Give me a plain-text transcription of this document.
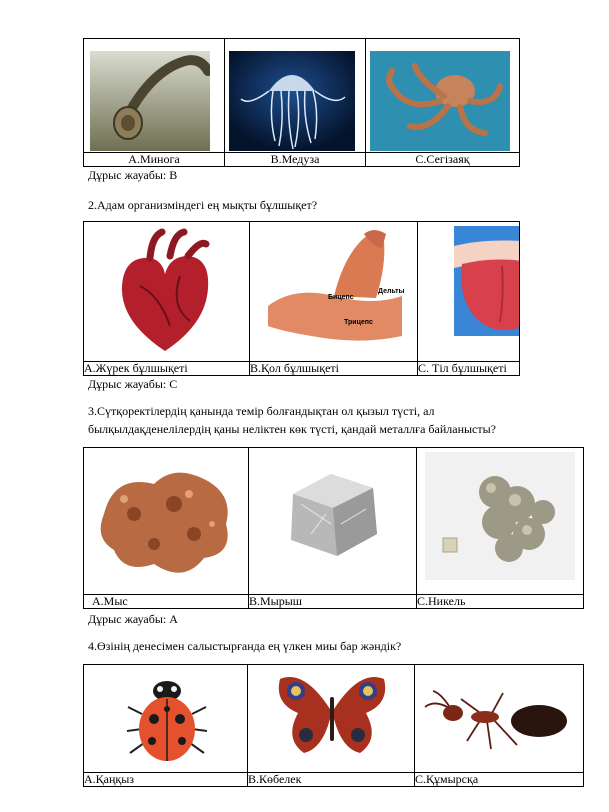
A.Минога	B.Медуза	C.Сегізаяқ
Дұрыс жауабы: B
2.Адам организміндегі ең мықты бұлшықет?

Бицепс
Дельты
Трицепс

A.Жүрек бұлшықеті	B.Қол бұлшықеті	C. Тіл бұлшықеті
Дұрыс жауабы: C
3.Сүтқоректілердің қанында темір болғандықтан ол қызыл түсті, ал
былқылдақденелілердің қаны неліктен көк түсті, қандай металлға байланысты?

A.Мыс	B.Мырыш	C.Никель
Дұрыс жауабы: A
4.Өзінің денесімен салыстырғанда ең үлкен миы бар жәндік?

A.Қаңқыз	B.Көбелек	C.Құмырсқа
